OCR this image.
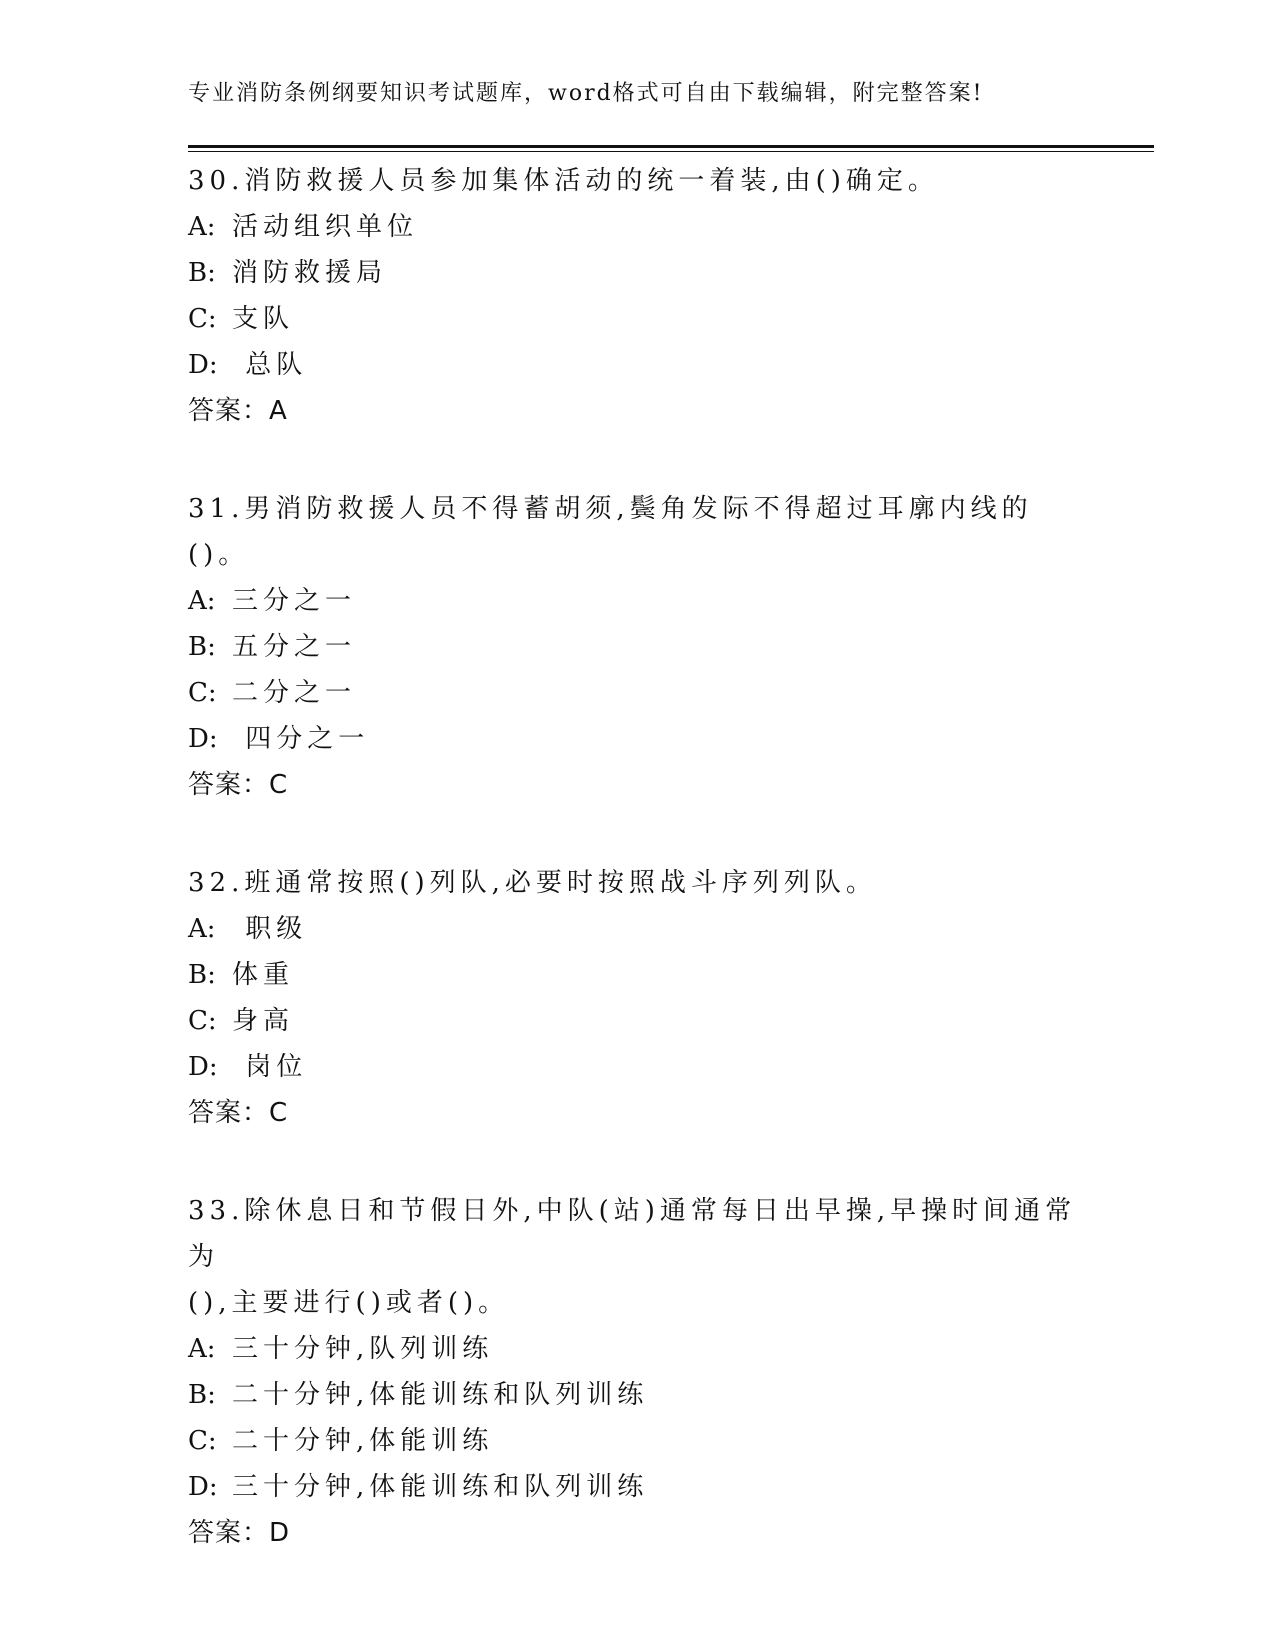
专业消防条例纲要知识考试题库，word格式可自由下载编辑，附完整答案!
30.消防救援人员参加集体活动的统一着装,由()确定。
A: 活动组织单位
B: 消防救援局
C: 支队
D: 总队
答案：A
31.男消防救援人员不得蓄胡须,鬓角发际不得超过耳廓内线的()。
A: 三分之一
B: 五分之一
C: 二分之一
D: 四分之一
答案：C
32.班通常按照()列队,必要时按照战斗序列列队。
A: 职级
B: 体重
C: 身高
D: 岗位
答案：C
33.除休息日和节假日外,中队(站)通常每日出早操,早操时间通常为
(),主要进行()或者()。
A: 三十分钟,队列训练
B: 二十分钟,体能训练和队列训练
C: 二十分钟,体能训练
D: 三十分钟,体能训练和队列训练
答案：D
